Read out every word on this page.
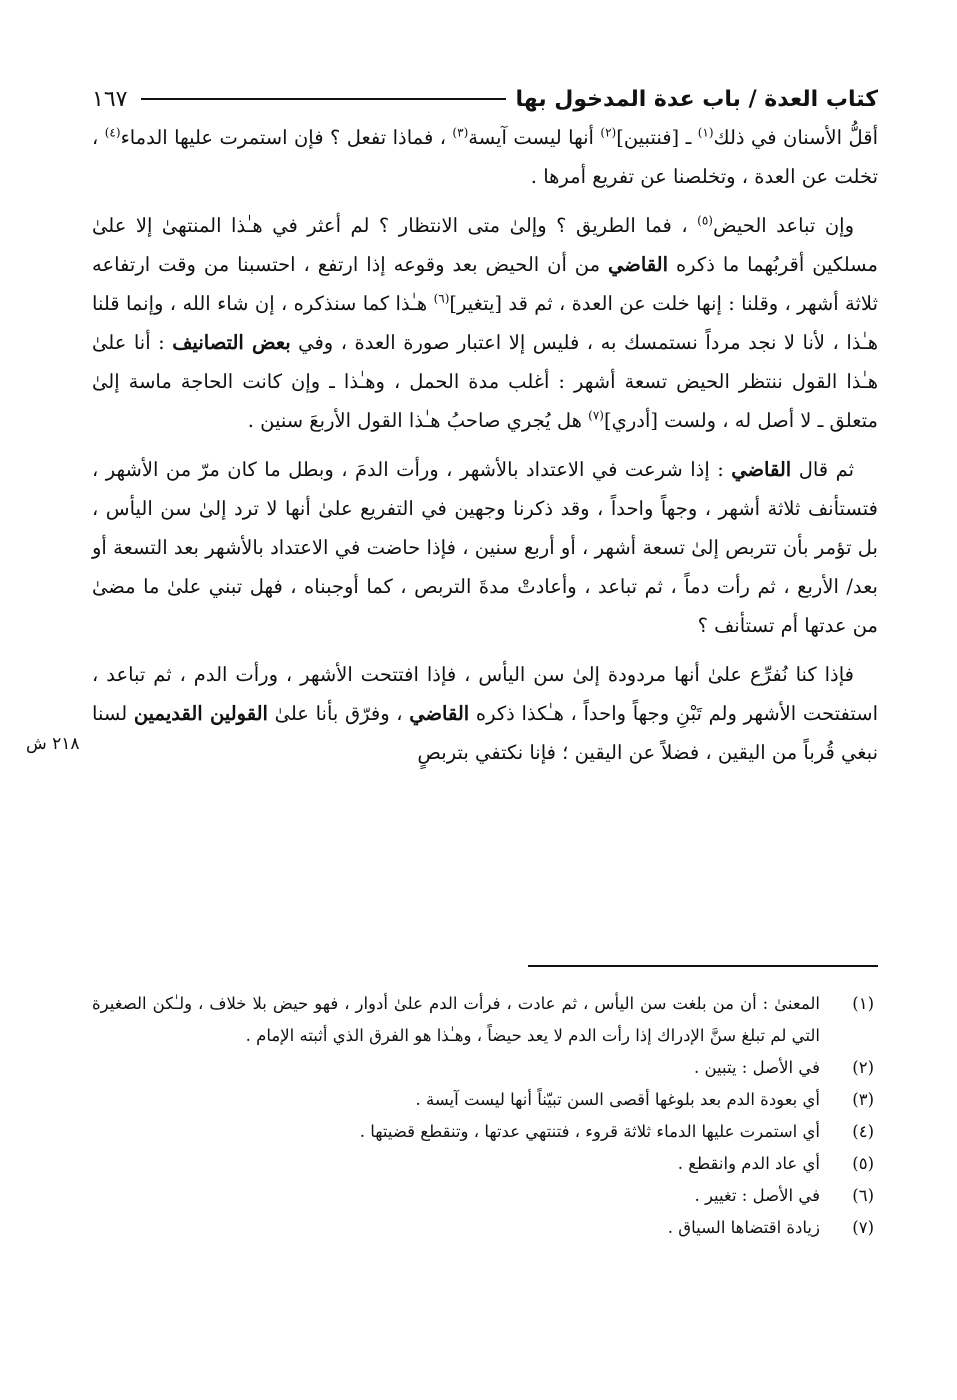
كتاب العدة / باب عدة المدخول بها
١٦٧

أقلُّ الأسنان في ذلك$^{(١)}$ ـ [فنتبين]$^{(٢)}$ أنها ليست آيسة$^{(٣)}$ ، فماذا تفعل ؟ فإن استمرت عليها الدماء$^{(٤)}$ ، تخلت عن العدة ، وتخلصنا عن تفريع أمرها .

وإن تباعد الحيض$^{(٥)}$ ، فما الطريق ؟ وإلىٰ متى الانتظار ؟ لم أعثر في هـٰذا المنتهىٰ إلا علىٰ مسلكين أقربُهما ما ذكره القاضي من أن الحيض بعد وقوعه إذا ارتفع ، احتسبنا من وقت ارتفاعه ثلاثة أشهر ، وقلنا : إنها خلت عن العدة ، ثم قد [يتغير]$^{(٦)}$ هـٰذا كما سنذكره ، إن شاء الله ، وإنما قلنا هـٰذا ، لأنا لا نجد مرداً نستمسك به ، فليس إلا اعتبار صورة العدة ، وفي بعض التصانيف : أنا علىٰ هـٰذا القول ننتظر الحيض تسعة أشهر : أغلب مدة الحمل ، وهـٰذا ـ وإن كانت الحاجة ماسة إلىٰ متعلق ـ لا أصل له ، ولست [أدري]$^{(٧)}$ هل يُجري صاحبُ هـٰذا القول الأربعَ سنين .

ثم قال القاضي : إذا شرعت في الاعتداد بالأشهر ، ورأت الدمَ ، وبطل ما كان مرّ من الأشهر ، فتستأنف ثلاثة أشهر ، وجهاً واحداً ، وقد ذكرنا وجهين في التفريع علىٰ أنها لا ترد إلىٰ سن اليأس ، بل تؤمر بأن تتربص إلىٰ تسعة أشهر ، أو أربع سنين ، فإذا حاضت في الاعتداد بالأشهر بعد التسعة أو بعد/ الأربع ، ثم رأت دماً ، ثم تباعد ، وأعادتْ مدةَ التربص ، كما أوجبناه ، فهل تبني علىٰ ما مضىٰ من عدتها أم تستأنف ؟

فإذا كنا نُفرِّع علىٰ أنها مردودة إلىٰ سن اليأس ، فإذا افتتحت الأشهر ، ورأت الدم ، ثم تباعد ، استفتحت الأشهر ولم تَبْنِ وجهاً واحداً ، هـٰكذا ذكره القاضي ، وفرّق بأنا علىٰ القولين القديمين لسنا نبغي قُرباً من اليقين ، فضلاً عن اليقين ؛ فإنا نكتفي بتربصٍ

(١)
المعنىٰ : أن من بلغت سن اليأس ، ثم عادت ، فرأت الدم علىٰ أدوار ، فهو حيض بلا خلاف ، ولـٰكن الصغيرة التي لم تبلغ سنَّ الإدراك إذا رأت الدم لا يعد حيضاً ، وهـٰذا هو الفرق الذي أثبته الإمام .
(٢)
في الأصل : يتبين .
(٣)
أي بعودة الدم بعد بلوغها أقصى السن تبيّناً أنها ليست آيسة .
(٤)
أي استمرت عليها الدماء ثلاثة قروء ، فتنتهي عدتها ، وتنقطع قضيتها .
(٥)
أي عاد الدم وانقطع .
(٦)
في الأصل : تغيير .
(٧)
زيادة اقتضاها السياق .
٢١٨ ش
